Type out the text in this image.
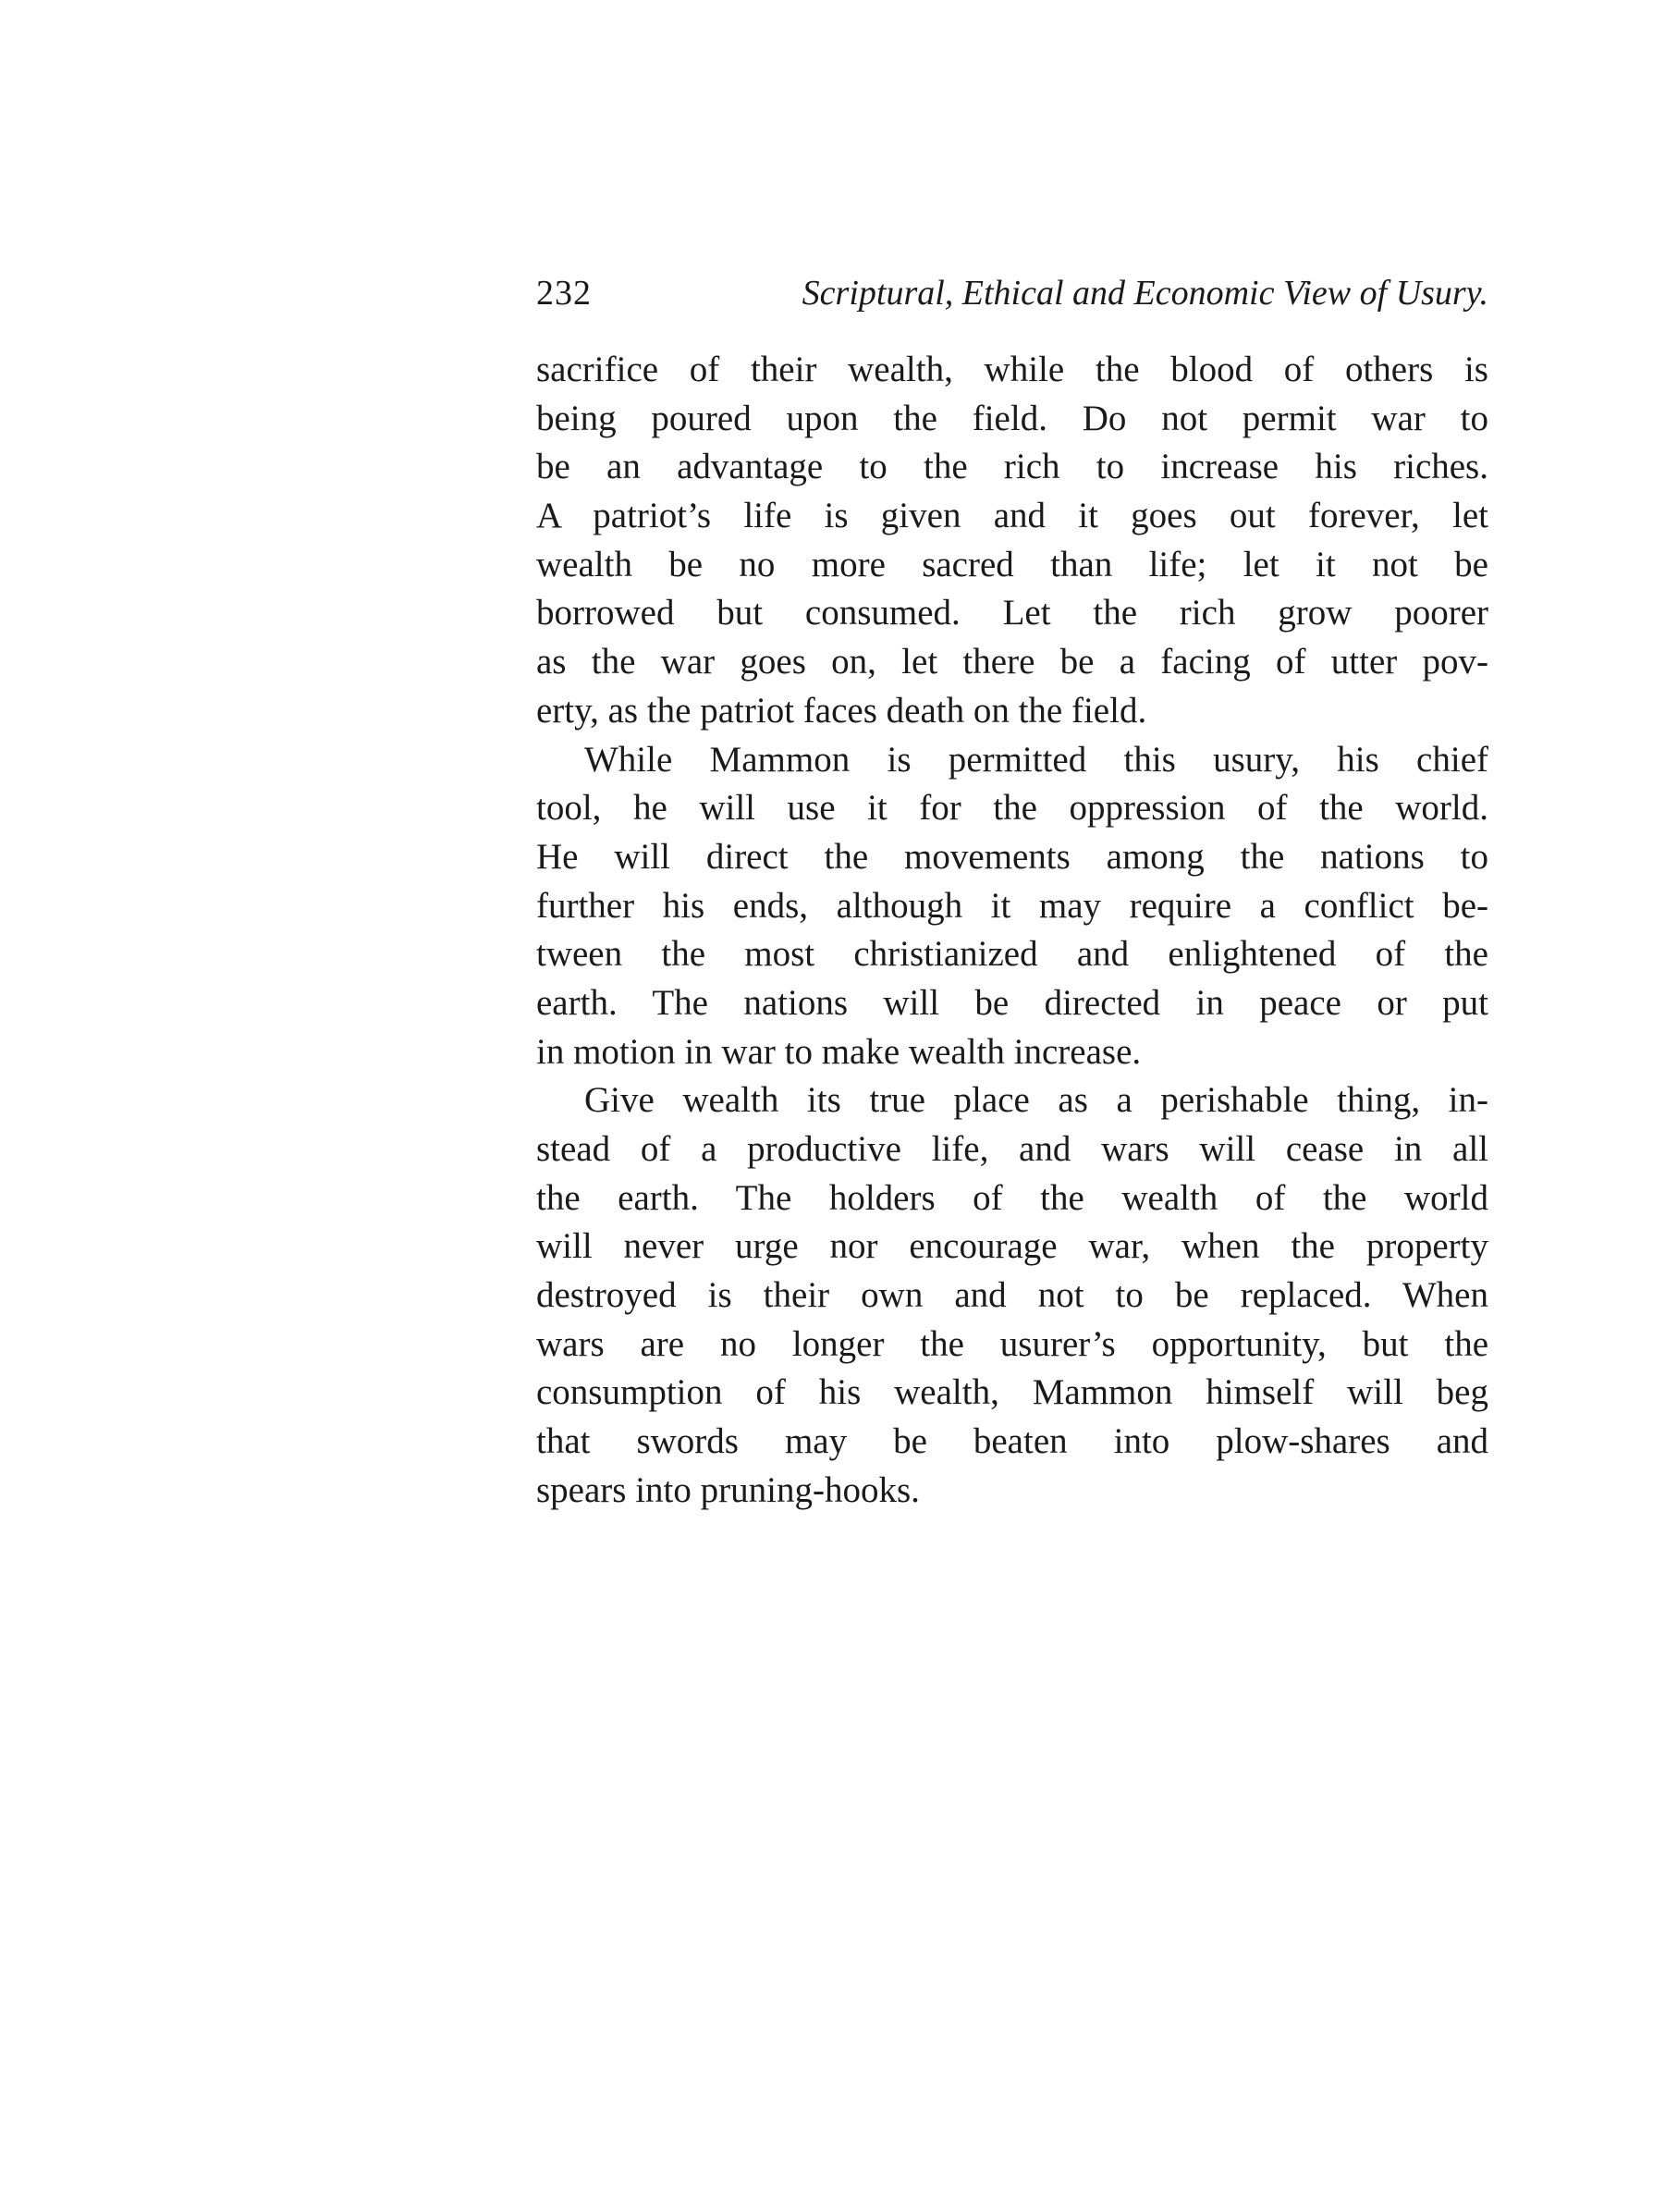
232	Scriptural, Ethical and Economic View of Usury.
sacrifice of their wealth, while the blood of others is
being poured upon the field. Do not permit war to
be an advantage to the rich to increase his riches.
A patriot’s life is given and it goes out forever, let
wealth be no more sacred than life; let it not be
borrowed but consumed. Let the rich grow poorer
as the war goes on, let there be a facing of utter pov-
erty, as the patriot faces death on the field.
While Mammon is permitted this usury, his chief
tool, he will use it for the oppression of the world.
He will direct the movements among the nations to
further his ends, although it may require a conflict be-
tween the most christianized and enlightened of the
earth. The nations will be directed in peace or put
in motion in war to make wealth increase.
Give wealth its true place as a perishable thing, in-
stead of a productive life, and wars will cease in all
the earth. The holders of the wealth of the world
will never urge nor encourage war, when the property
destroyed is their own and not to be replaced. When
wars are no longer the usurer’s opportunity, but the
consumption of his wealth, Mammon himself will beg
that swords may be beaten into plow-shares and
spears into pruning-hooks.
